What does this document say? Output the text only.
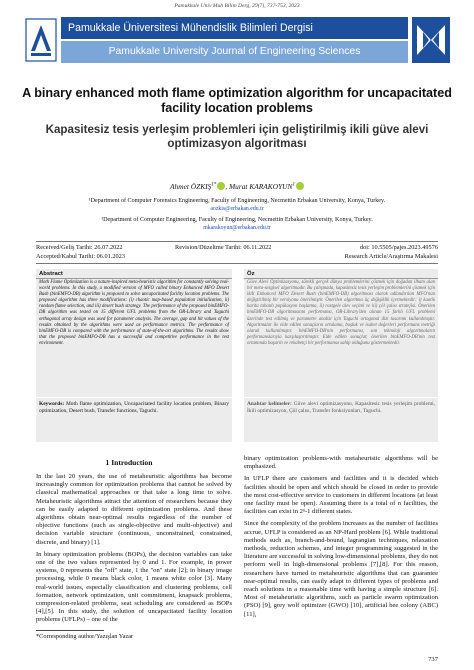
Pamukkale Univ Muh Bilim Derg, 29(7), 737-753, 2023
Pamukkale Üniversitesi Mühendislik Bilimleri Dergisi
Pamukkale University Journal of Engineering Sciences
A binary enhanced moth flame optimization algorithm for uncapacitated facility location problems
Kapasitesiz tesis yerleşim problemleri için geliştirilmiş ikili güve alevi optimizasyon algoritması
Ahmet $ÖZKIŞ^{1*}$ , Murat KARAKOYUN$^1$
¹Department of Computer Forensics Engineering, Faculty of Engineering, Necmettin Erbakan University, Konya, Turkey.
aozkis@erbakan.edu.tr
¹Department of Computer Engineering, Faculty of Engineering, Necmettin Erbakan University, Konya, Turkey.
mkarakoyun@erbakan.edu.tr
Received/Geliş Tarihi: 26.07.2022	Revision/Düzeltme Tarihi: 06.11.2022	doi: 10.5505/pajes.2023.49576
Accepted/Kabul Tarihi: 06.01.2023	Research Article/Araştırma Makalesi
Abstract
Moth Flame Optimization is a nature-inspired meta-heuristic algorithm for constantly solving real-world problems. In this study, a modified version of MFO called binary Enhanced MFO Desert Bush (binEMFO-DB) algorithm is proposed to solve uncapacitated facility location problems. The proposed algorithm has three modifications: (i) chaotic map-based population initialization, ii) random flame selection, and iii) desert bush strategy. The performance of the proposed binEMFO-DB algorithm was tested on 15 different UFL problems from the OR-Library and Taguchi orthogonal array design was used for parameter analysis. The average, gap and hit values of the results obtained by the algorithms were used as performance metrics. The performance of binEMFO-DB is compared with the performance of state-of-the-art algorithms. The results show that the proposed binEMFO-DB has a successful and competitive performance in the test environment.
Öz
Güve Alevi Optimizasyonu, sürekli gerçek dünya problemlerini çözmek için doğadan ilham alan bir meta-sezgisel algoritmadır. Bu çalışmada, kapasitesiz tesis yerleşim problemlerini çözmek için ikili Enhanced MFO Desert Bush (binEMFO-DB) algoritması olarak adlandırılan MFO'nun değiştirilmiş bir versiyonu önerilmiştir. Önerilen algoritma üç değişiklik içermektedir: i) kaotik harita tabanlı popülasyon başlatma, ii) rastgele alev seçimi ve iii) çöl çalısı stratejisi. Önerilen binEMFO-DB algoritmasının performansı, OR-Library'den alınan 15 farklı UFL problemi üzerinde test edilmiş ve parametre analizi için Taguchi ortogonal dizi tasarımı kullanılmıştır. Algoritmalar ile elde edilen sonuçların ortalama, boşluk ve isabet değerleri performans metriği olarak kullanılmıştır. binEMFO-DB'nin performansı, son teknoloji algoritmaların performanslarıyla karşılaştırılmıştır. Elde edilen sonuçlar, önerilen binEMFO-DB'nin test ortamında başarılı ve rekabetçi bir performansa sahip olduğunu göstermektedir.
Keywords: Moth flame optimization, Uncapacitated facility location problem, Binary optimization, Desert bush, Transfer functions, Taguchi.
Anahtar kelimeler: Güve alevi optimizasyonu, Kapasitesiz tesis yerleşim problemi, İkili optimizasyon, Çöl çalısı, Transfer fonksiyonları, Taguchi.
1 Introduction

In the last 20 years, the use of metaheuristic algorithms has become increasingly common for optimization problems that cannot be solved by classical mathematical approaches or that take a long time to solve. Metaheuristic algorithms attract the attention of researchers because they can be easily adapted to different optimization problems. And these algorithms obtain near-optimal results regardless of the number of objective functions (such as single-objective and multi-objective) and decision variable structure (continuous, unconstrained, constrained, discrete, and binary) [1].

In binary optimization problems (BOPs), the decision variables can take one of the two values represented by 0 and 1. For example, in power systems, 0 represents the "off" state, 1 the "on" state [2]; in binary image processing, while 0 means black color, 1 means white color [3]. Many real-world issues, especially classification and clustering problems, cell formation, network optimization, unit commitment, knapsack problems, compression-related problems, seat scheduling are considered as BOPs [4],[5]. In this study, the solution of uncapacitated facility location problems (UFLPs) – one of the

binary optimization problems-with metaheuristic algorithms will be emphasized.

In UFLP there are customers and facilities and it is decided which facilities should be open and which should be closed in order to provide the most cost-effective service to customers in different locations (at least one facility must be open). Assuming there is a total of n facilities, the facilities can exist in 2ⁿ-1 different states.

Since the complexity of the problem increases as the number of facilities accrue, UFLP is considered as an NP-Hard problem [6]. While traditional methods such as, branch-and-bound, lagrangian techniques, relaxation methods, reduction schemes, and integer programming suggested in the literature are successful in solving low-dimensional problems, they do not perform well in high-dimensional problems [7],[8]. For this reason, researchers have turned to metaheuristic algorithms that can guarantee near-optimal results, can easily adapt to different types of problems and reach solutions in a reasonable time with having a simple structure [6]. Most of metaheuristic algorithms, such as particle swarm optimization (PSO) [9], grey wolf optimizer (GWO) [10], artificial bee colony (ABC) [11],

*Corresponding author/Yazışlan Yazar
737
